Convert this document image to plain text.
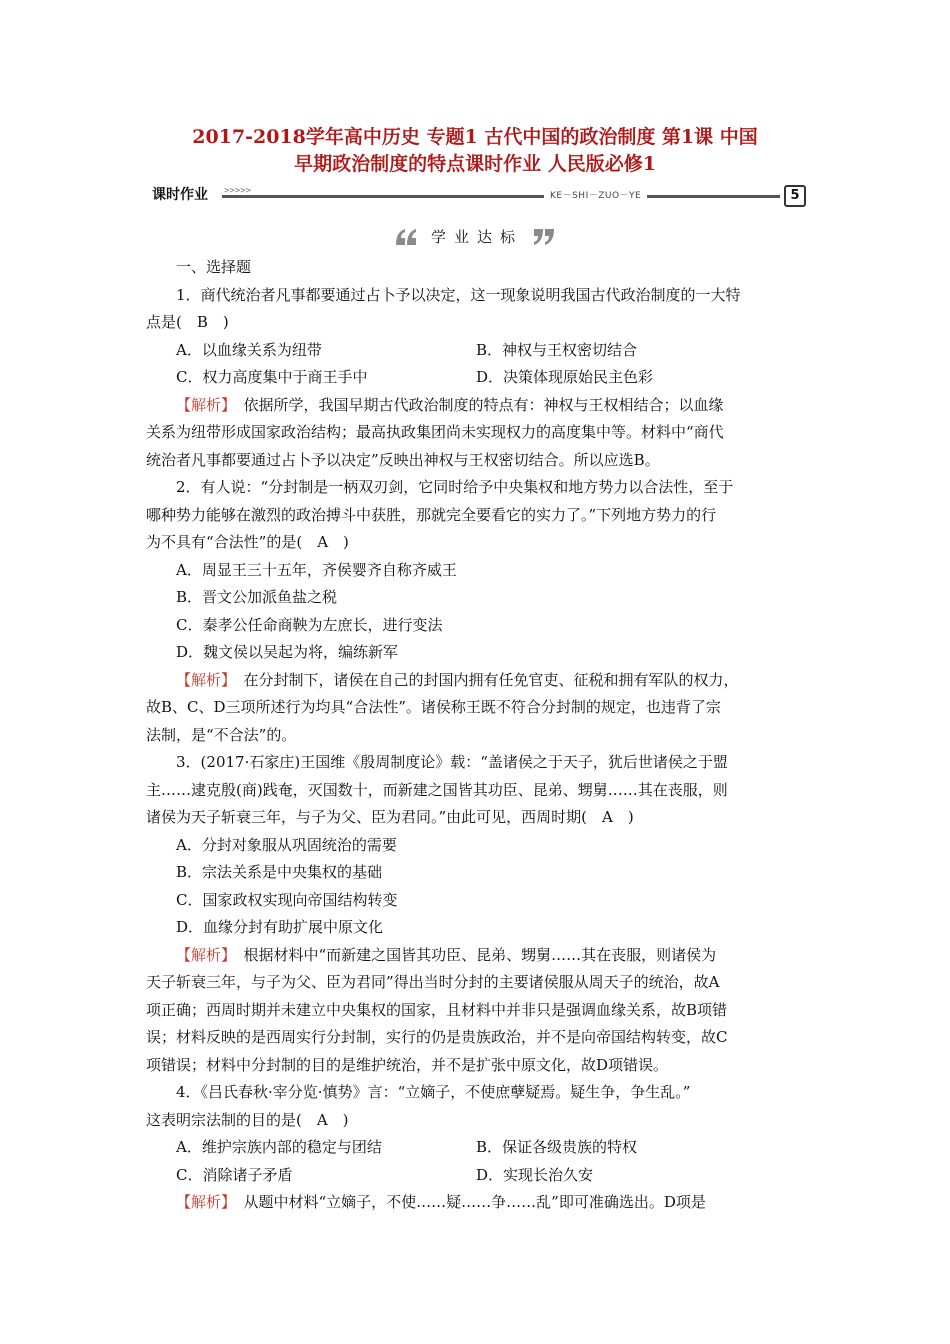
2017-2018学年高中历史 专题1 古代中国的政治制度 第1课 中国
早期政治制度的特点课时作业 人民版必修1
课时作业 >>>>>	KE－SHI－ZUO－YE	5
学业达标

一、选择题

1．商代统治者凡事都要通过占卜予以决定，这一现象说明我国古代政治制度的一大特

点是(　B　)

A．以血缘关系为纽带	B．神权与王权密切结合
C．权力高度集中于商王手中	D．决策体现原始民主色彩

【解析】　依据所学，我国早期古代政治制度的特点有：神权与王权相结合；以血缘

关系为纽带形成国家政治结构；最高执政集团尚未实现权力的高度集中等。材料中“商代

统治者凡事都要通过占卜予以决定”反映出神权与王权密切结合。所以应选B。

2．有人说：“分封制是一柄双刃剑，它同时给予中央集权和地方势力以合法性，至于

哪种势力能够在激烈的政治搏斗中获胜，那就完全要看它的实力了。”下列地方势力的行

为不具有“合法性”的是(　A　)

A．周显王三十五年，齐侯婴齐自称齐威王

B．晋文公加派鱼盐之税

C．秦孝公任命商鞅为左庶长，进行变法

D．魏文侯以吴起为将，编练新军

【解析】　在分封制下，诸侯在自己的封国内拥有任免官吏、征税和拥有军队的权力，

故B、C、D三项所述行为均具“合法性”。诸侯称王既不符合分封制的规定，也违背了宗

法制，是“不合法”的。

3．(2017·石家庄)王国维《殷周制度论》载：“盖诸侯之于天子，犹后世诸侯之于盟

主……逮克殷(商)践奄，灭国数十，而新建之国皆其功臣、昆弟、甥舅……其在丧服，则

诸侯为天子斩衰三年，与子为父、臣为君同。”由此可见，西周时期(　A　)

A．分封对象服从巩固统治的需要

B．宗法关系是中央集权的基础

C．国家政权实现向帝国结构转变

D．血缘分封有助扩展中原文化

【解析】　根据材料中“而新建之国皆其功臣、昆弟、甥舅……其在丧服，则诸侯为

天子斩衰三年，与子为父、臣为君同”得出当时分封的主要诸侯服从周天子的统治，故A

项正确；西周时期并未建立中央集权的国家，且材料中并非只是强调血缘关系，故B项错

误；材料反映的是西周实行分封制，实行的仍是贵族政治，并不是向帝国结构转变，故C

项错误；材料中分封制的目的是维护统治，并不是扩张中原文化，故D项错误。

4．《吕氏春秋·宰分览·慎势》言：“立嫡子，不使庶孽疑焉。疑生争，争生乱。”

这表明宗法制的目的是(　A　)

A．维护宗族内部的稳定与团结	B．保证各级贵族的特权
C．消除诸子矛盾	D．实现长治久安

【解析】　从题中材料“立嫡子，不使……疑……争……乱”即可准确选出。D项是
